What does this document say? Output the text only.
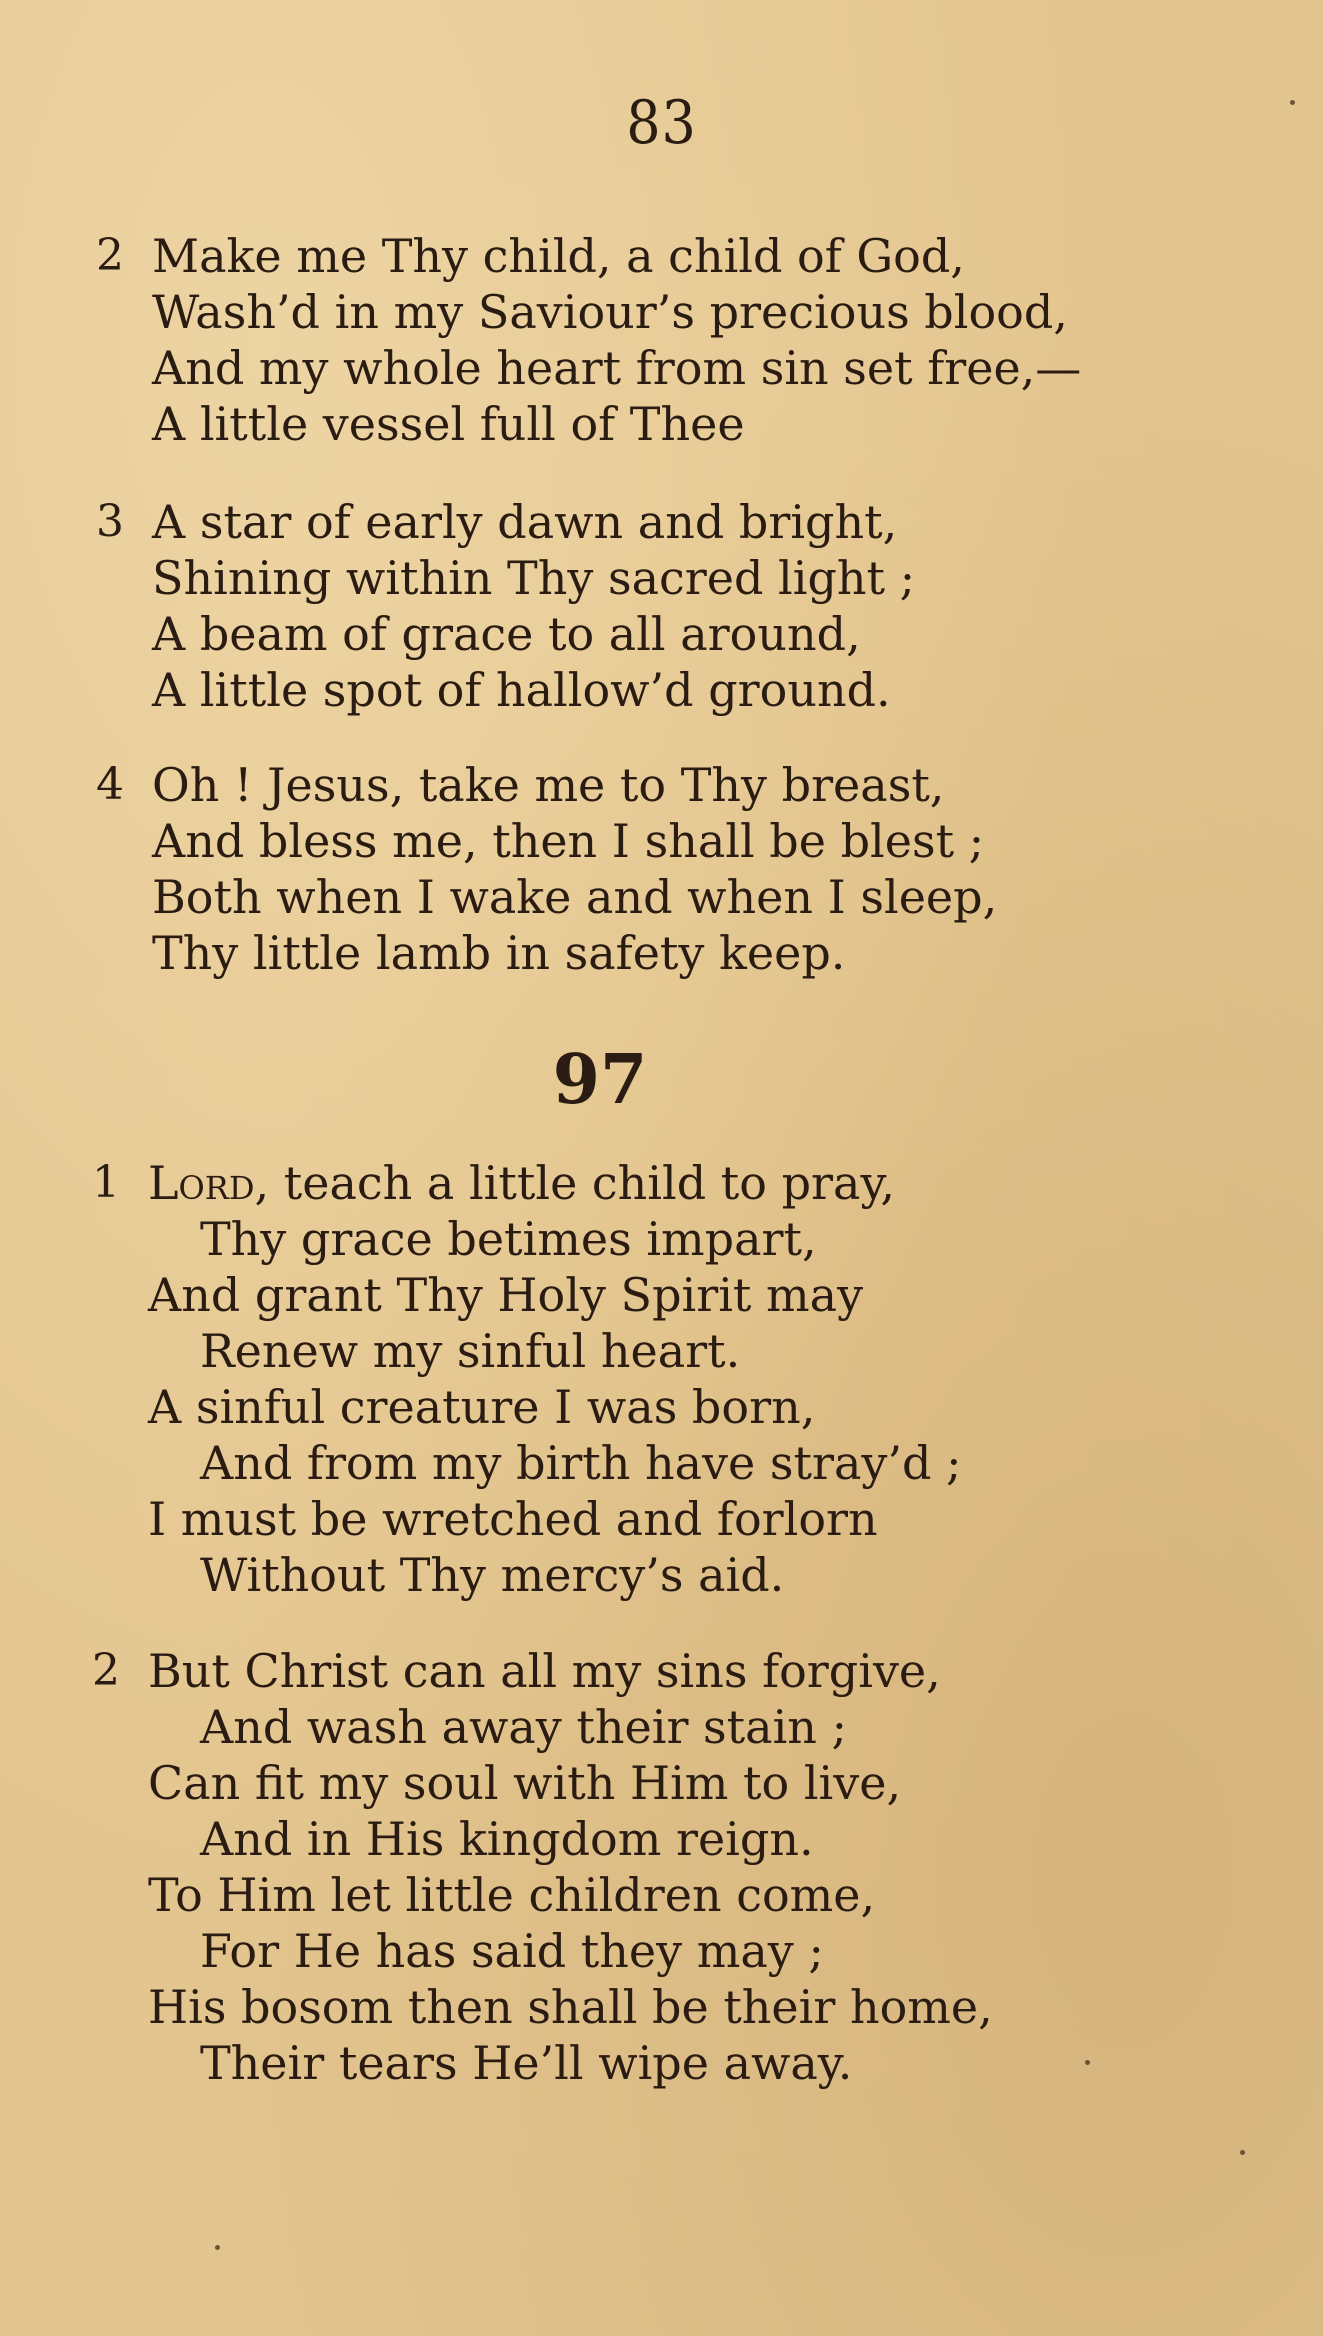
83
2 Make me Thy child, a child of God,
Wash’d in my Saviour’s precious blood,
And my whole heart from sin set free,—
A little vessel full of Thee
3 A star of early dawn and bright,
Shining within Thy sacred light ;
A beam of grace to all around,
A little spot of hallow’d ground.
4 Oh ! Jesus, take me to Thy breast,
And bless me, then I shall be blest ;
Both when I wake and when I sleep,
Thy little lamb in safety keep.
97
1 Lord, teach a little child to pray,
Thy grace betimes impart,
And grant Thy Holy Spirit may
Renew my sinful heart.
A sinful creature I was born,
And from my birth have stray’d ;
I must be wretched and forlorn
Without Thy mercy’s aid.
2 But Christ can all my sins forgive,
And wash away their stain ;
Can fit my soul with Him to live,
And in His kingdom reign.
To Him let little children come,
For He has said they may ;
His bosom then shall be their home,
Their tears He’ll wipe away.
